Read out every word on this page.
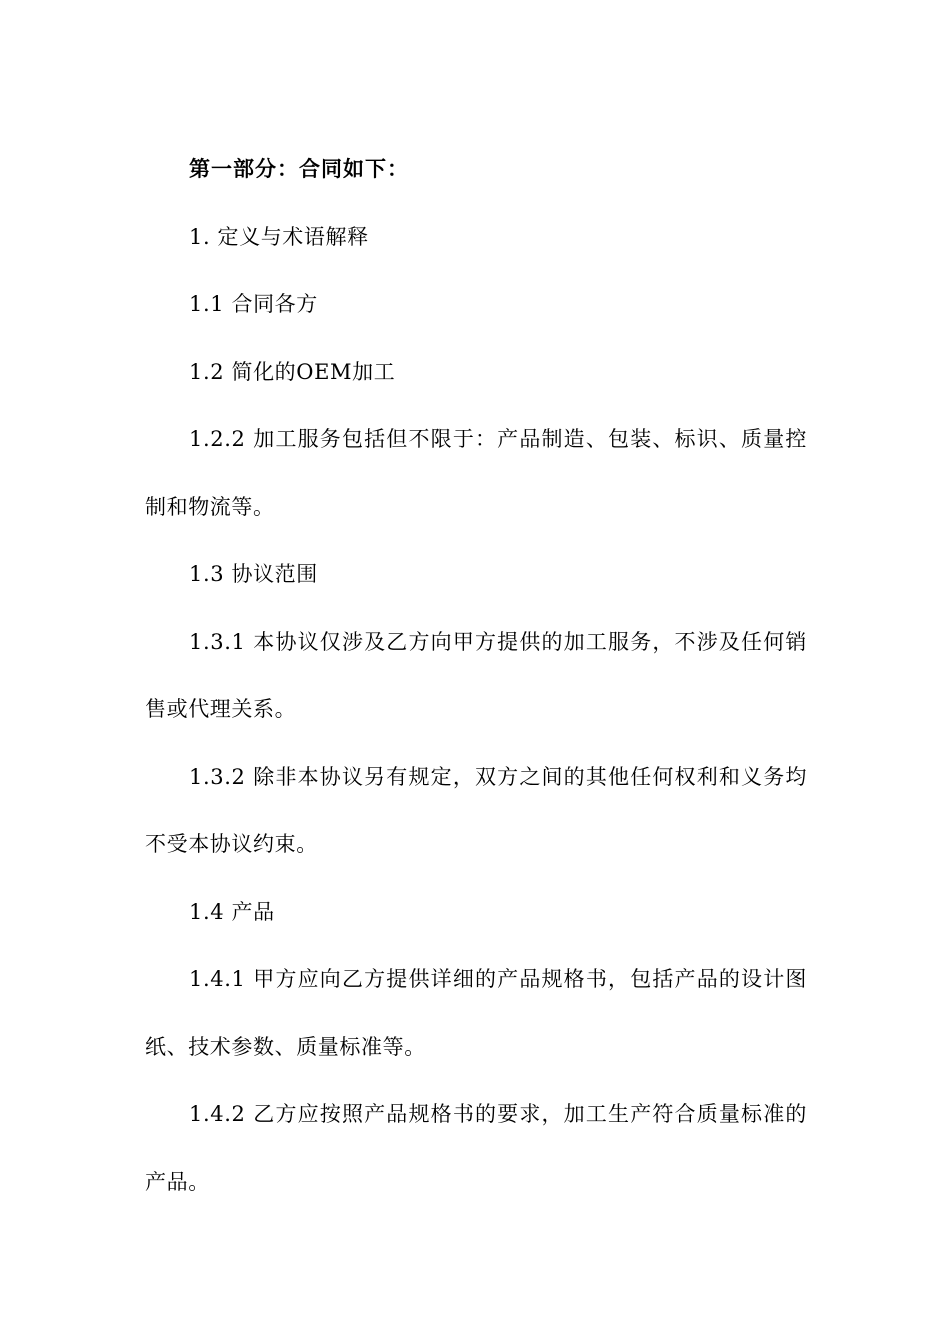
第一部分：合同如下：

1. 定义与术语解释

1.1 合同各方

1.2 简化的OEM加工

1.2.2 加工服务包括但不限于：产品制造、包装、标识、质量控制和物流等。

1.3 协议范围

1.3.1 本协议仅涉及乙方向甲方提供的加工服务，不涉及任何销售或代理关系。

1.3.2 除非本协议另有规定，双方之间的其他任何权利和义务均不受本协议约束。

1.4 产品

1.4.1 甲方应向乙方提供详细的产品规格书，包括产品的设计图纸、技术参数、质量标准等。

1.4.2 乙方应按照产品规格书的要求，加工生产符合质量标准的产品。
